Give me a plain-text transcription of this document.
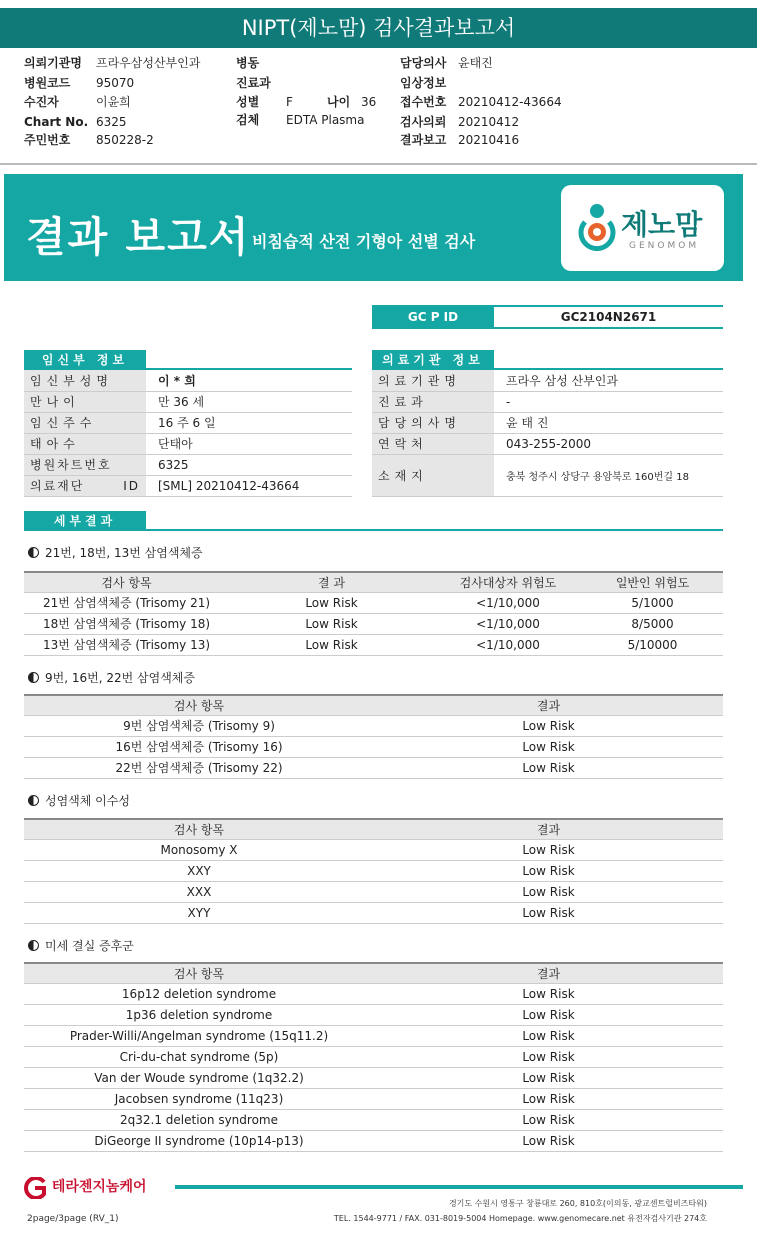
NIPT(제노맘) 검사결과보고서
의뢰기관명 프라우삼성산부인과
병원코드 95070
수진자	이윤희
Chart No. 6325
주민번호 850228-2
병동
진료과
성별 F	나이 36
검체 EDTA Plasma
담당의사 윤태진
임상정보
접수번호 20210412-43664
검사의뢰 20210412
결과보고 20210416
결과 보고서 비침습적 산전 기형아 선별 검사
제노맘
GENOMOM
GC P ID	GC2104N2671
임신부 정보
임신부성명	이 * 희
만나이	만 36 세
임신주수	16 주 6 일
태아수	단태아
병원차트번호	6325
의료재단 ID	[SML] 20210412-43664
의료기관 정보
의료기관명	프라우 삼성 산부인과
진료과	-
담당의사명	윤 태 진
연락처	043-255-2000
소재지	충북 청주시 상당구 용암북로 160번길 18
세부결과
21번, 18번, 13번 삼염색체증
검사 항목	결 과	검사대상자 위험도	일반인 위험도
21번 삼염색체증 (Trisomy 21)	Low Risk	<1/10,000	5/1000
18번 삼염색체증 (Trisomy 18)	Low Risk	<1/10,000	8/5000
13번 삼염색체증 (Trisomy 13)	Low Risk	<1/10,000	5/10000
9번, 16번, 22번 삼염색체증
검사 항목	결과
9번 삼염색체증 (Trisomy 9)	Low Risk
16번 삼염색체증 (Trisomy 16)	Low Risk
22번 삼염색체증 (Trisomy 22)	Low Risk
성염색체 이수성
검사 항목	결과
Monosomy X	Low Risk
XXY	Low Risk
XXX	Low Risk
XYY	Low Risk
미세 결실 증후군
검사 항목	결과
16p12 deletion syndrome	Low Risk
1p36 deletion syndrome	Low Risk
Prader-Willi/Angelman syndrome (15q11.2)	Low Risk
Cri-du-chat syndrome (5p)	Low Risk
Van der Woude syndrome (1q32.2)	Low Risk
Jacobsen syndrome (11q23)	Low Risk
2q32.1 deletion syndrome	Low Risk
DiGeorge II syndrome (10p14-p13)	Low Risk
테라젠지놈케어
경기도 수원시 영통구 창룡대로 260, 810호(이의동, 광교센트럴비즈타워)
TEL. 1544-9771 / FAX. 031-8019-5004 Homepage. www.genomecare.net 유전자검사기관 274호
2page/3page (RV_1)
